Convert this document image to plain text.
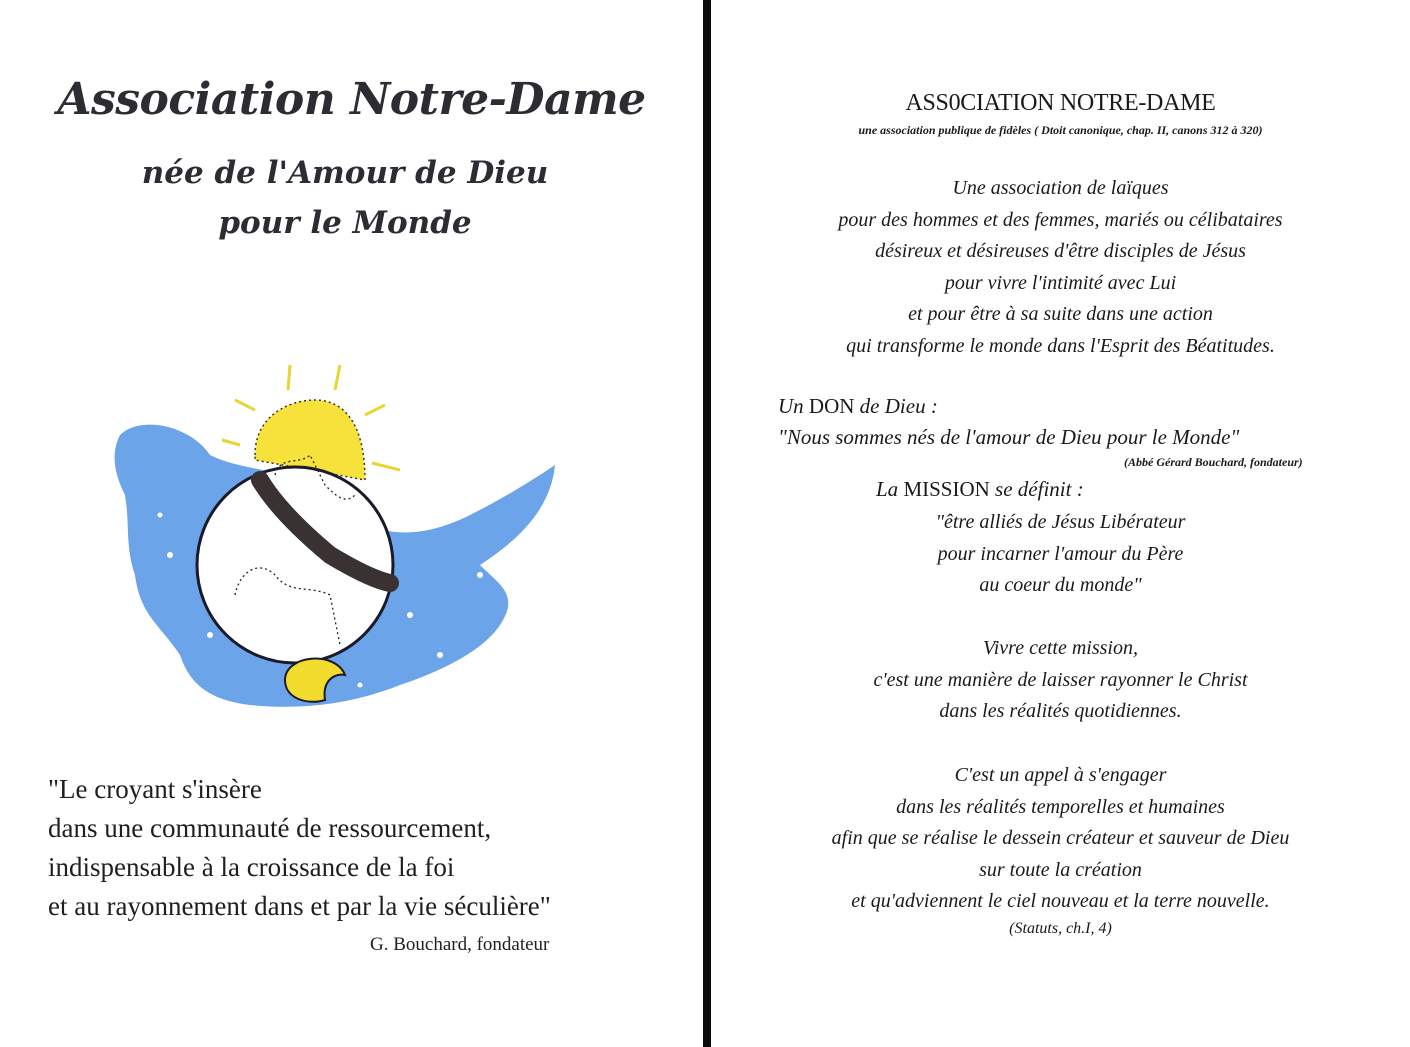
Association Notre-Dame
née de l'Amour de Dieu
pour le Monde
"Le croyant s'insère
dans une communauté de ressourcement,
indispensable à la croissance de la foi
et au rayonnement dans et par la vie séculière"
G. Bouchard, fondateur
ASS0CIATION NOTRE-DAME
une association publique de fidèles ( Dtoit canonique, chap. II, canons 312 à 320)
Une association de laïques
pour des hommes et des femmes, mariés ou célibataires
désireux et désireuses d'être disciples de Jésus
pour vivre l'intimité avec Lui
et pour être à sa suite dans une action
qui transforme le monde dans l'Esprit des Béatitudes.
Un DON de Dieu :
"Nous sommes nés de l'amour de Dieu pour le Monde"
(Abbé Gérard Bouchard, fondateur)
La MISSION se définit :
"être alliés de Jésus Libérateur
pour incarner l'amour du Père
au coeur du monde"
Vivre cette mission,
c'est une manière de laisser rayonner le Christ
dans les réalités quotidiennes.
C'est un appel à s'engager
dans les réalités temporelles et humaines
afin que se réalise le dessein créateur et sauveur de Dieu
sur toute la création
et qu'adviennent le ciel nouveau et la terre nouvelle.
(Statuts, ch.I, 4)
